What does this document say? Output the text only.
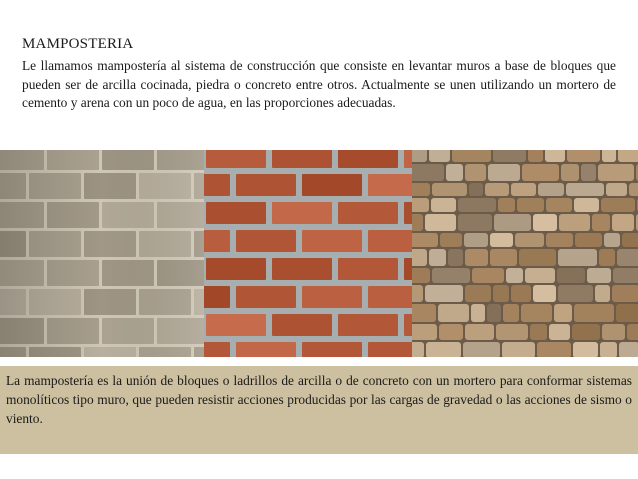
MAMPOSTERIA
Le llamamos mampostería al sistema de construcción que consiste en levantar muros a base de bloques que pueden ser de arcilla cocinada, piedra o concreto entre otros. Actualmente se unen utilizando un mortero de cemento y arena con un poco de agua, en las proporciones adecuadas.
La mampostería es la unión de bloques o ladrillos de arcilla o de concreto con un mortero para conformar sistemas monolíticos tipo muro, que pueden resistir acciones producidas por las cargas de gravedad o las acciones de sismo o viento.
